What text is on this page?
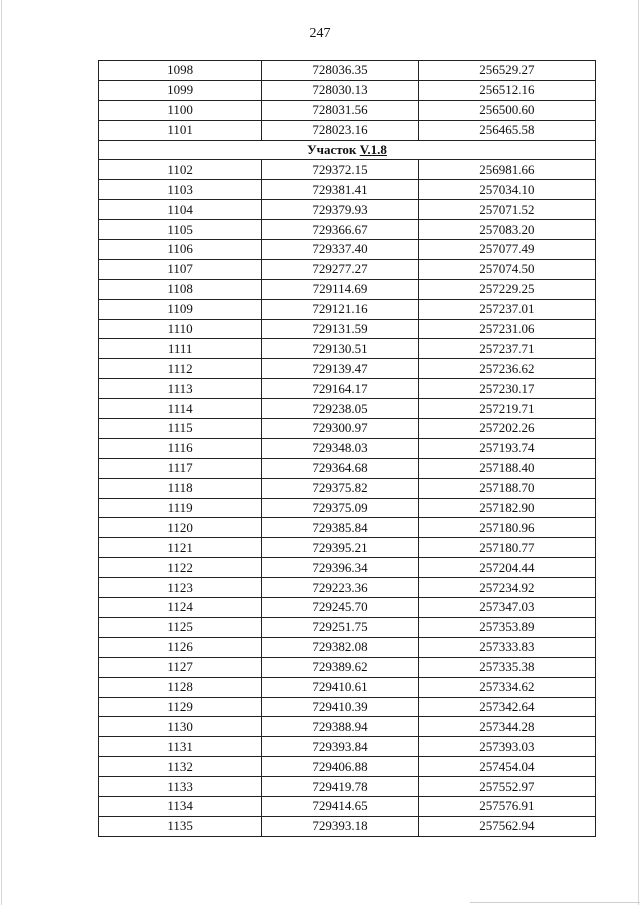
247
1098	728036.35	256529.27
1099	728030.13	256512.16
1100	728031.56	256500.60
1101	728023.16	256465.58
Участок V.1.8		
1102	729372.15	256981.66
1103	729381.41	257034.10
1104	729379.93	257071.52
1105	729366.67	257083.20
1106	729337.40	257077.49
1107	729277.27	257074.50
1108	729114.69	257229.25
1109	729121.16	257237.01
1110	729131.59	257231.06
1111	729130.51	257237.71
1112	729139.47	257236.62
1113	729164.17	257230.17
1114	729238.05	257219.71
1115	729300.97	257202.26
1116	729348.03	257193.74
1117	729364.68	257188.40
1118	729375.82	257188.70
1119	729375.09	257182.90
1120	729385.84	257180.96
1121	729395.21	257180.77
1122	729396.34	257204.44
1123	729223.36	257234.92
1124	729245.70	257347.03
1125	729251.75	257353.89
1126	729382.08	257333.83
1127	729389.62	257335.38
1128	729410.61	257334.62
1129	729410.39	257342.64
1130	729388.94	257344.28
1131	729393.84	257393.03
1132	729406.88	257454.04
1133	729419.78	257552.97
1134	729414.65	257576.91
1135	729393.18	257562.94
